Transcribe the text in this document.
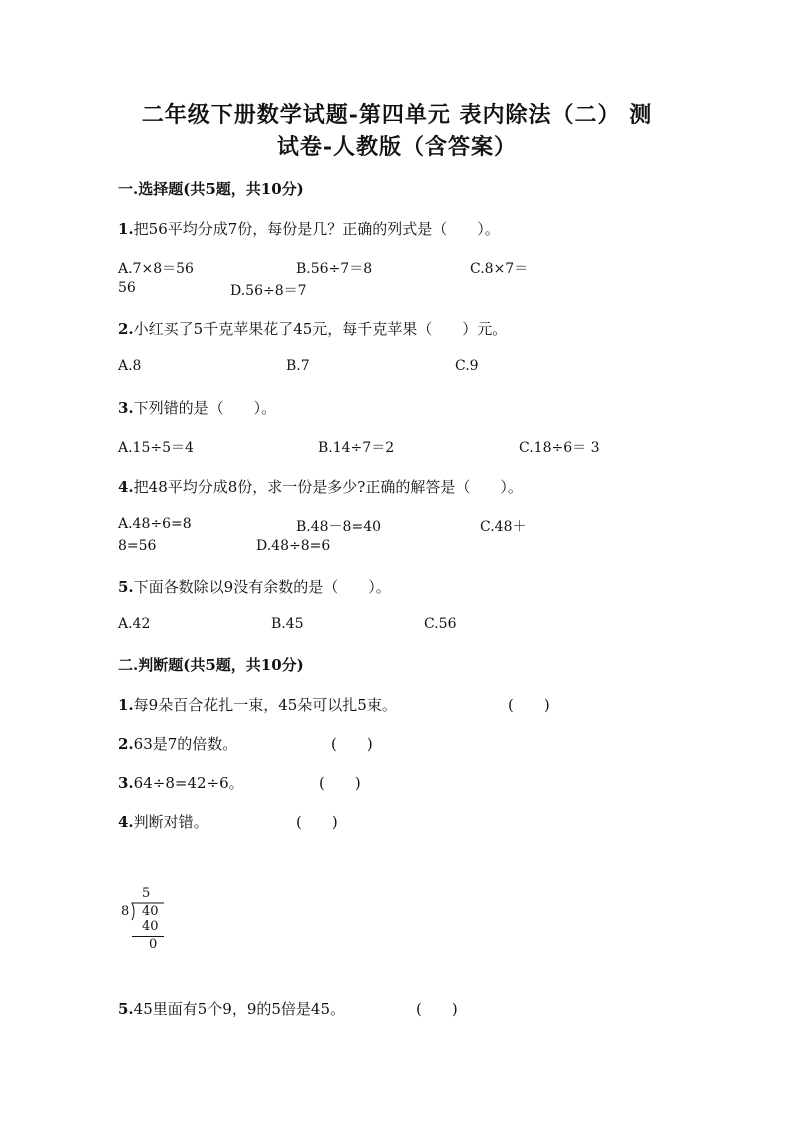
二年级下册数学试题-第四单元 表内除法（二） 测
试卷-人教版（含答案）
一.选择题(共5题，共10分)
1.把56平均分成7份，每份是几？正确的列式是（　　）。
A.7×8＝56	B.56÷7＝8	C.8×7＝
56	D.56÷8＝7
2.小红买了5千克苹果花了45元，每千克苹果（　　）元。
A.8	B.7	C.9
3.下列错的是（　　）。
A.15÷5＝4	B.14÷7＝2	C.18÷6＝ 3
4.把48平均分成8份，求一份是多少?正确的解答是（　　）。
A.48÷6=8	B.48－8=40	C.48＋
8=56	D.48÷8=6
5.下面各数除以9没有余数的是（　　）。
A.42	B.45	C.56
二.判断题(共5题，共10分)
1.每9朵百合花扎一束，45朵可以扎5束。	(　　)
2.63是7的倍数。	(　　)
3.64÷8=42÷6。	(　　)
4.判断对错。	(　　)
5
8 40
40
0
5.45里面有5个9，9的5倍是45。	(　　)
